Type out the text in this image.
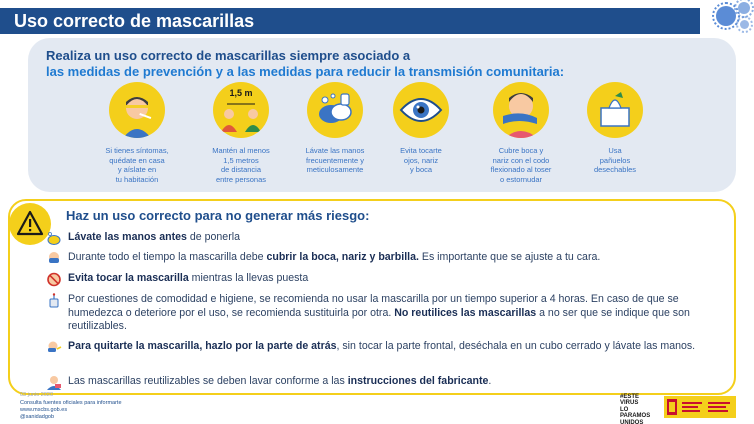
Uso correcto de mascarillas
Realiza un uso correcto de mascarillas siempre asociado a
las medidas de prevención y a las medidas para reducir la transmisión comunitaria:
Si tienes síntomas,
quédate en casa
y aíslate en
tu habitación
1,5 m
Mantén al menos
1,5 metros
de distancia
entre personas
Lávate las manos
frecuentemente y
meticulosamente
Evita tocarte
ojos, nariz
y boca
Cubre boca y
nariz con el codo
flexionado al toser
o estornudar
Usa
pañuelos
desechables
Haz un uso correcto para no generar más riesgo:
Lávate las manos antes de ponerla
Durante todo el tiempo la mascarilla debe cubrir la boca, nariz y barbilla. Es importante que se ajuste a tu cara.
Evita tocar la mascarilla mientras la llevas puesta
Por cuestiones de comodidad e higiene, se recomienda no usar la mascarilla por un tiempo superior a 4 horas. En caso de que se humedezca o deteriore por el uso, se recomienda sustituirla por otra. No reutilices las mascarillas a no ser que se indique que son reutilizables.
Para quitarte la mascarilla, hazlo por la parte de atrás, sin tocar la parte frontal, deséchala en un cubo cerrado y lávate las manos.
Las mascarillas reutilizables se deben lavar conforme a las instrucciones del fabricante.
03 junio 2020
Consulta fuentes oficiales para informarte
www.mscbs.gob.es
@sanidadgob
#ESTE
VIRUS
LO
PARAMOS
UNIDOS
